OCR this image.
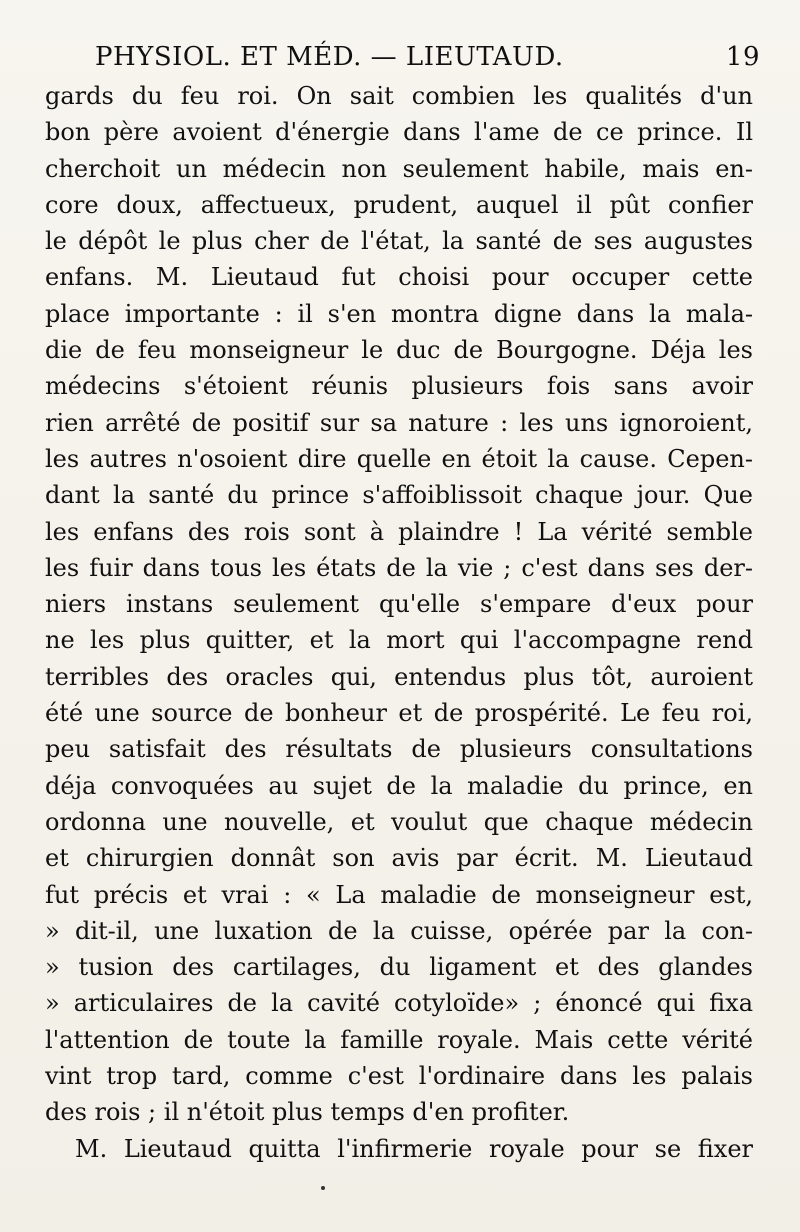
PHYSIOL. ET MÉD. — LIEUTAUD.	19
gards du feu roi. On sait combien les qualités d'un
bon père avoient d'énergie dans l'ame de ce prince. Il
cherchoit un médecin non seulement habile, mais en-
core doux, affectueux, prudent, auquel il pût confier
le dépôt le plus cher de l'état, la santé de ses augustes
enfans. M. Lieutaud fut choisi pour occuper cette
place importante : il s'en montra digne dans la mala-
die de feu monseigneur le duc de Bourgogne. Déja les
médecins s'étoient réunis plusieurs fois sans avoir
rien arrêté de positif sur sa nature : les uns ignoroient,
les autres n'osoient dire quelle en étoit la cause. Cepen-
dant la santé du prince s'affoiblissoit chaque jour. Que
les enfans des rois sont à plaindre ! La vérité semble
les fuir dans tous les états de la vie ; c'est dans ses der-
niers instans seulement qu'elle s'empare d'eux pour
ne les plus quitter, et la mort qui l'accompagne rend
terribles des oracles qui, entendus plus tôt, auroient
été une source de bonheur et de prospérité. Le feu roi,
peu satisfait des résultats de plusieurs consultations
déja convoquées au sujet de la maladie du prince, en
ordonna une nouvelle, et voulut que chaque médecin
et chirurgien donnât son avis par écrit. M. Lieutaud
fut précis et vrai : « La maladie de monseigneur est,
» dit-il, une luxation de la cuisse, opérée par la con-
» tusion des cartilages, du ligament et des glandes
» articulaires de la cavité cotyloïde» ; énoncé qui fixa
l'attention de toute la famille royale. Mais cette vérité
vint trop tard, comme c'est l'ordinaire dans les palais
des rois ; il n'étoit plus temps d'en profiter.
M. Lieutaud quitta l'infirmerie royale pour se fixer
